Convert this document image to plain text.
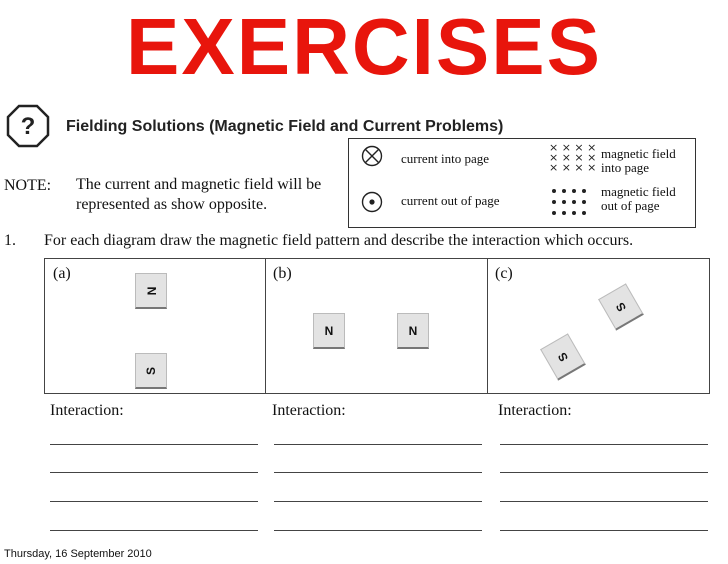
EXERCISES
? Fielding Solutions (Magnetic Field and Current Problems)
current into page
current out of page
× × × ×
× × × ×
× × × ×
magnetic field
into page
magnetic field
out of page
NOTE: The current and magnetic field will be
represented as show opposite.
1. For each diagram draw the magnetic field pattern and describe the interaction which occurs.
(a)
N
S
(b)
N	N
(c)
S
S
Interaction:	Interaction:	Interaction:
Thursday, 16 September 2010
